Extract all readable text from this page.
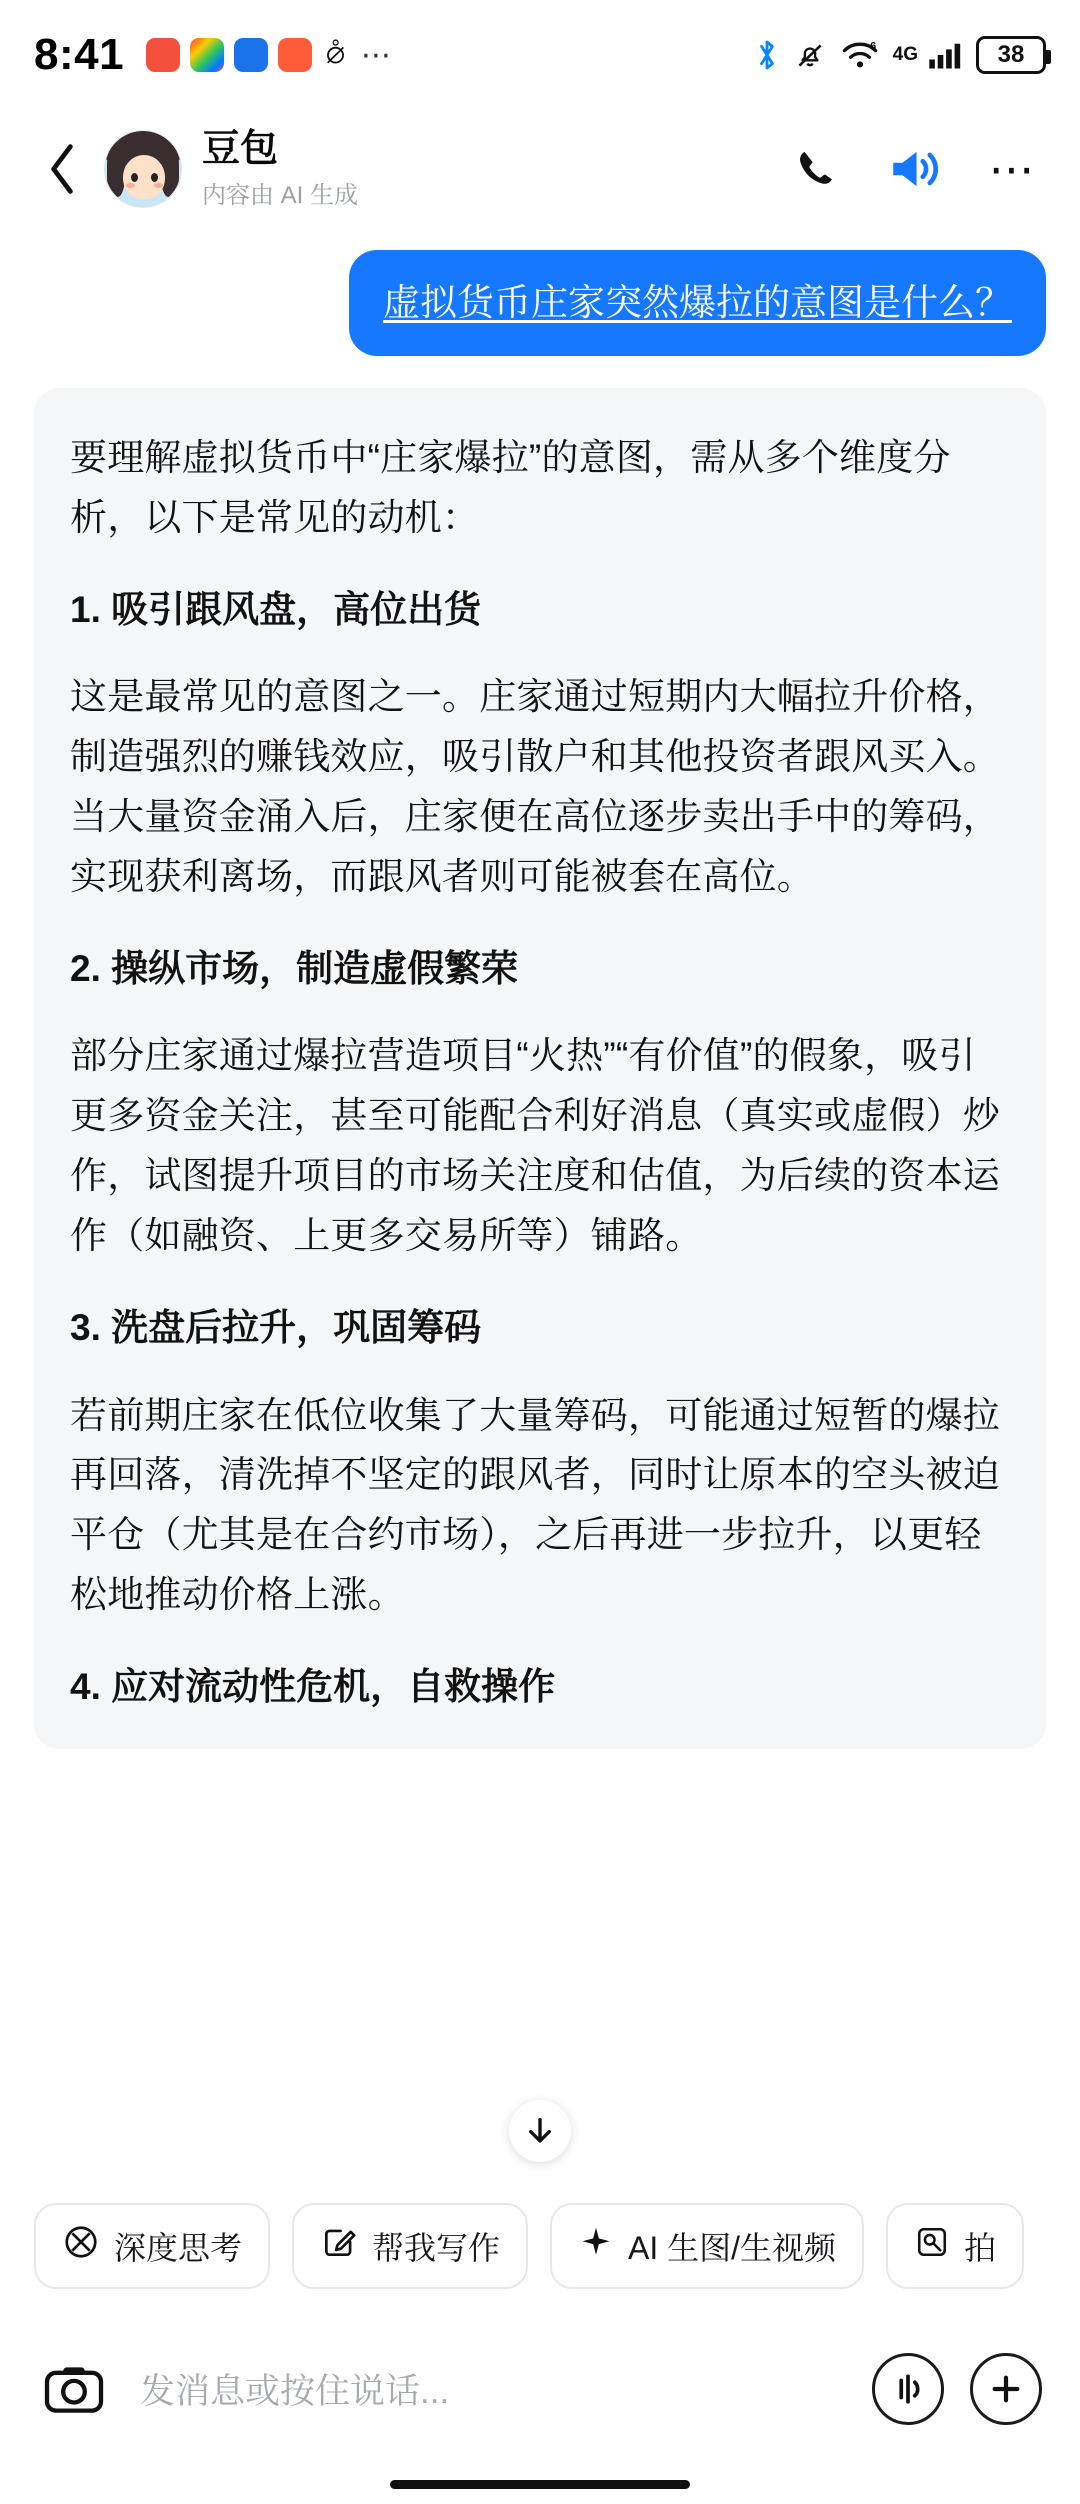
8:41	⦲ ⋯	6 4G	38
豆包
内容由 AI 生成
⋯
虚拟货币庄家突然爆拉的意图是什么？
要理解虚拟货币中“庄家爆拉”的意图，需从多个维度分析，以下是常见的动机：
1. 吸引跟风盘，高位出货
这是最常见的意图之一。庄家通过短期内大幅拉升价格，制造强烈的赚钱效应，吸引散户和其他投资者跟风买入。当大量资金涌入后，庄家便在高位逐步卖出手中的筹码，实现获利离场，而跟风者则可能被套在高位。
2. 操纵市场，制造虚假繁荣
部分庄家通过爆拉营造项目“火热”“有价值”的假象，吸引更多资金关注，甚至可能配合利好消息（真实或虚假）炒作，试图提升项目的市场关注度和估值，为后续的资本运作（如融资、上更多交易所等）铺路。
3. 洗盘后拉升，巩固筹码
若前期庄家在低位收集了大量筹码，可能通过短暂的爆拉再回落，清洗掉不坚定的跟风者，同时让原本的空头被迫平仓（尤其是在合约市场），之后再进一步拉升，以更轻松地推动价格上涨。
4. 应对流动性危机，自救操作
深度思考	帮我写作	AI 生图/生视频	拍
发消息或按住说话...
